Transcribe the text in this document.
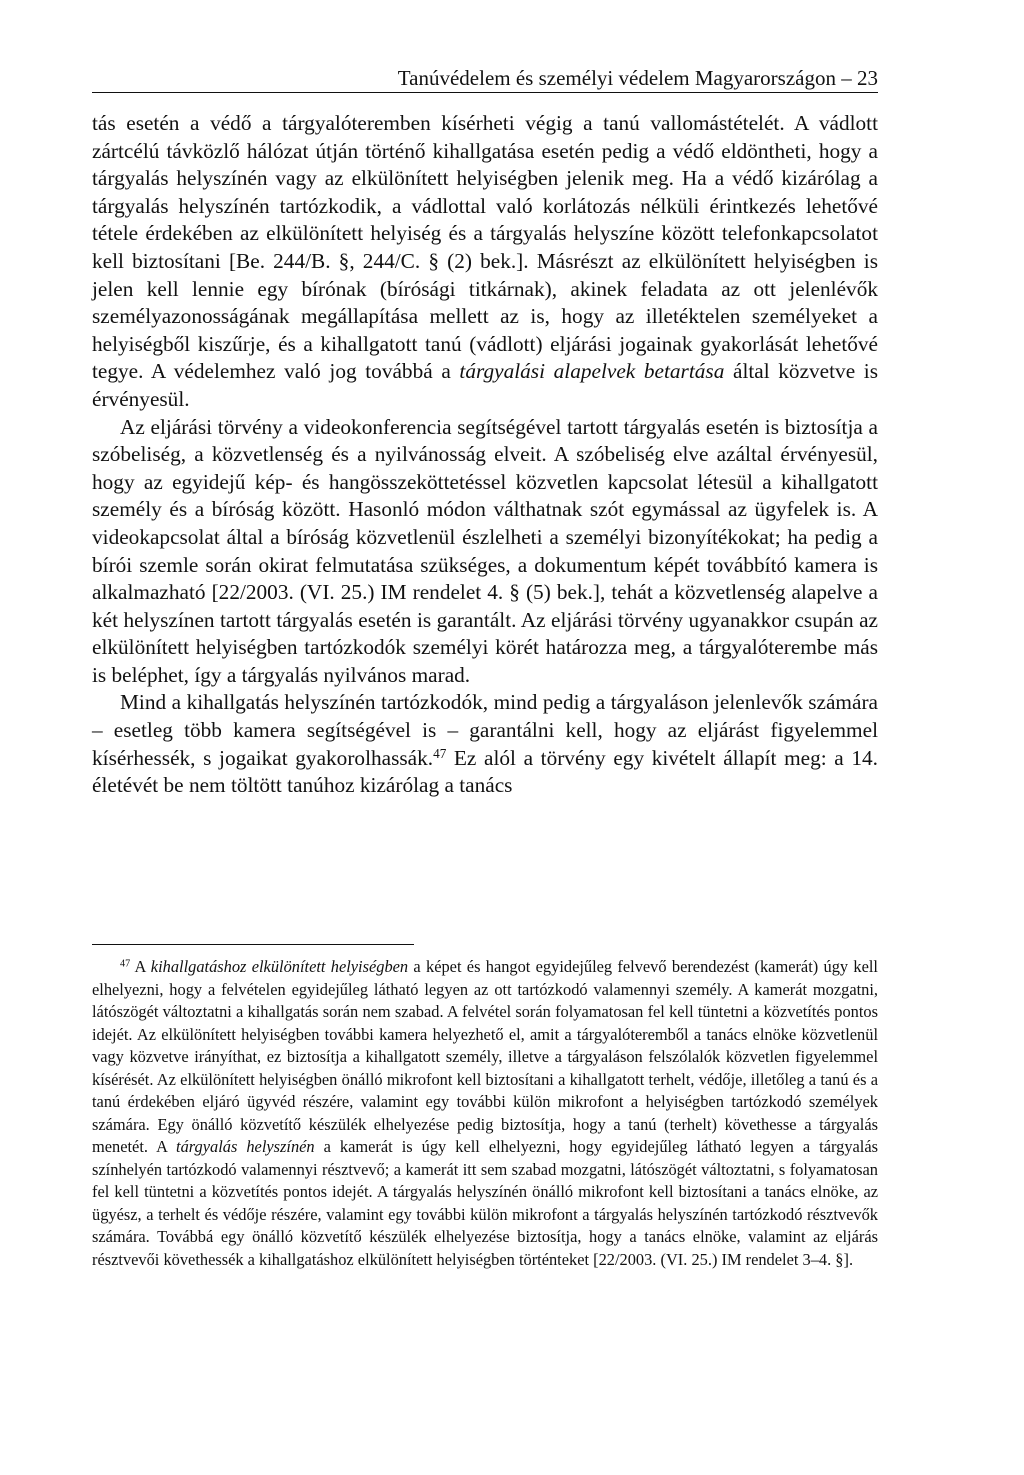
Tanúvédelem és személyi védelem Magyarországon – 23

tás esetén a védő a tárgyalóteremben kísérheti végig a tanú vallomástételét. A vádlott zártcélú távközlő hálózat útján történő kihallgatása esetén pedig a védő eldöntheti, hogy a tárgyalás helyszínén vagy az elkülönített helyiségben jelenik meg. Ha a védő kizárólag a tárgyalás helyszínén tartózkodik, a vádlottal való korlátozás nélküli érintkezés lehetővé tétele érdekében az elkülönített helyiség és a tárgyalás helyszíne között telefonkapcsolatot kell biztosítani [Be. 244/B. §, 244/C. § (2) bek.]. Másrészt az elkülönített helyiségben is jelen kell lennie egy bírónak (bírósági titkárnak), akinek feladata az ott jelenlévők személyazonosságának megállapítása mellett az is, hogy az illetéktelen személyeket a helyiségből kiszűrje, és a kihallgatott tanú (vádlott) eljárási jogainak gyakorlását lehetővé tegye. A védelemhez való jog továbbá a tárgyalási alapelvek betartása által közvetve is érvényesül.

Az eljárási törvény a videokonferencia segítségével tartott tárgyalás esetén is biztosítja a szóbeliség, a közvetlenség és a nyilvánosság elveit. A szóbeliség elve azáltal érvényesül, hogy az egyidejű kép- és hangösszeköttetéssel közvetlen kapcsolat létesül a kihallgatott személy és a bíróság között. Hasonló módon válthatnak szót egymással az ügyfelek is. A videokapcsolat által a bíróság közvetlenül észlelheti a személyi bizonyítékokat; ha pedig a bírói szemle során okirat felmutatása szükséges, a dokumentum képét továbbító kamera is alkalmazható [22/2003. (VI. 25.) IM rendelet 4. § (5) bek.], tehát a közvetlenség alapelve a két helyszínen tartott tárgyalás esetén is garantált. Az eljárási törvény ugyanakkor csupán az elkülönített helyiségben tartózkodók személyi körét határozza meg, a tárgyalóterembe más is beléphet, így a tárgyalás nyilvános marad.

Mind a kihallgatás helyszínén tartózkodók, mind pedig a tárgyaláson jelenlevők számára – esetleg több kamera segítségével is – garantálni kell, hogy az eljárást figyelemmel kísérhessék, s jogaikat gyakorolhassák.$^{47}$ Ez alól a törvény egy kivételt állapít meg: a 14. életévét be nem töltött tanúhoz kizárólag a tanács

$^{47}$ A kihallgatáshoz elkülönített helyiségben a képet és hangot egyidejűleg felvevő berendezést (kamerát) úgy kell elhelyezni, hogy a felvételen egyidejűleg látható legyen az ott tartózkodó valamennyi személy. A kamerát mozgatni, látószögét változtatni a kihallgatás során nem szabad. A felvétel során folyamatosan fel kell tüntetni a közvetítés pontos idejét. Az elkülönített helyiségben további kamera helyezhető el, amit a tárgyalóteremből a tanács elnöke közvetlenül vagy közvetve irányíthat, ez biztosítja a kihallgatott személy, illetve a tárgyaláson felszólalók közvetlen figyelemmel kísérését. Az elkülönített helyiségben önálló mikrofont kell biztosítani a kihallgatott terhelt, védője, illetőleg a tanú és a tanú érdekében eljáró ügyvéd részére, valamint egy további külön mikrofont a helyiségben tartózkodó személyek számára. Egy önálló közvetítő készülék elhelyezése pedig biztosítja, hogy a tanú (terhelt) követhesse a tárgyalás menetét. A tárgyalás helyszínén a kamerát is úgy kell elhelyezni, hogy egyidejűleg látható legyen a tárgyalás színhelyén tartózkodó valamennyi résztvevő; a kamerát itt sem szabad mozgatni, látószögét változtatni, s folyamatosan fel kell tüntetni a közvetítés pontos idejét. A tárgyalás helyszínén önálló mikrofont kell biztosítani a tanács elnöke, az ügyész, a terhelt és védője részére, valamint egy további külön mikrofont a tárgyalás helyszínén tartózkodó résztvevők számára. Továbbá egy önálló közvetítő készülék elhelyezése biztosítja, hogy a tanács elnöke, valamint az eljárás résztvevői követhessék a kihallgatáshoz elkülönített helyiségben történteket [22/2003. (VI. 25.) IM rendelet 3–4. §].
